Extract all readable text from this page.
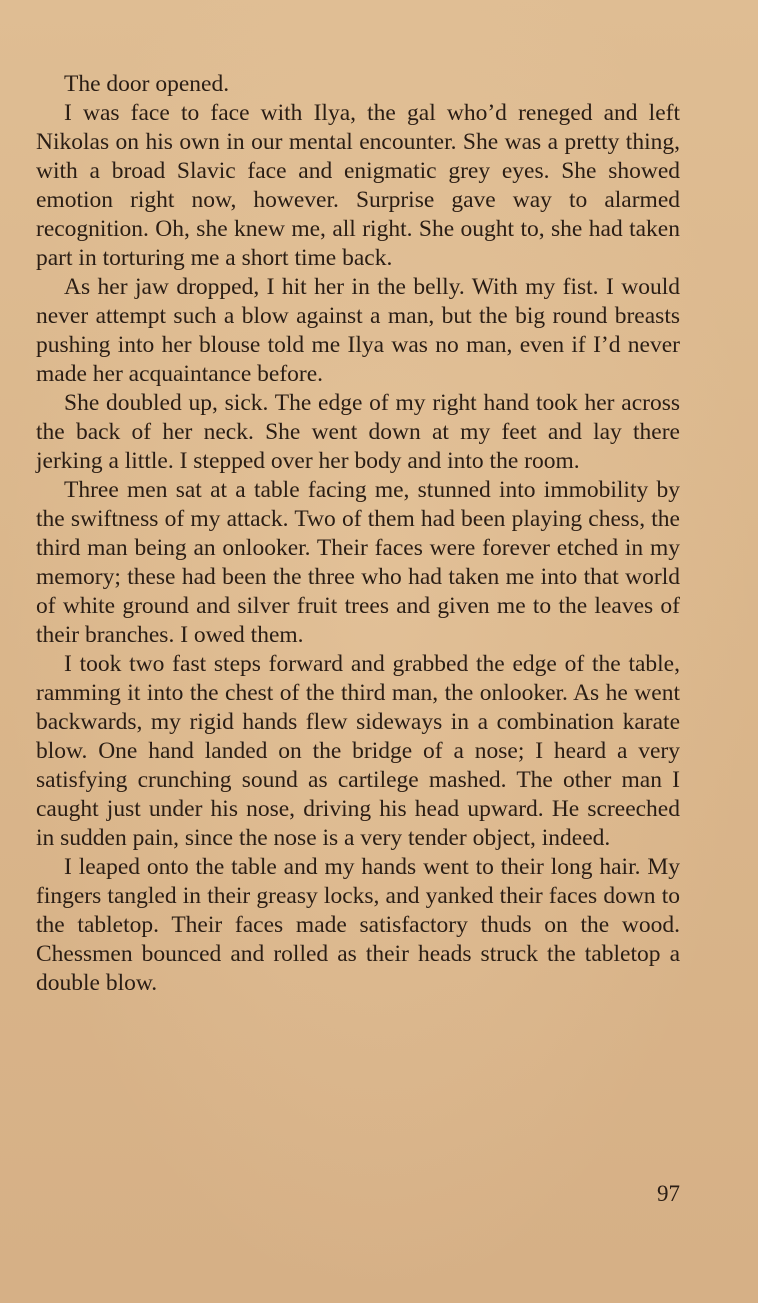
The door opened.

I was face to face with Ilya, the gal who’d reneged and left Nikolas on his own in our mental encounter. She was a pretty thing, with a broad Slavic face and enigmatic grey eyes. She showed emotion right now, however. Surprise gave way to alarmed recognition. Oh, she knew me, all right. She ought to, she had taken part in torturing me a short time back.

As her jaw dropped, I hit her in the belly. With my fist. I would never attempt such a blow against a man, but the big round breasts pushing into her blouse told me Ilya was no man, even if I’d never made her acquaintance before.

She doubled up, sick. The edge of my right hand took her across the back of her neck. She went down at my feet and lay there jerking a little. I stepped over her body and into the room.

Three men sat at a table facing me, stunned into immobility by the swiftness of my attack. Two of them had been playing chess, the third man being an onlooker. Their faces were forever etched in my memory; these had been the three who had taken me into that world of white ground and silver fruit trees and given me to the leaves of their branches. I owed them.

I took two fast steps forward and grabbed the edge of the table, ramming it into the chest of the third man, the onlooker. As he went backwards, my rigid hands flew sideways in a combination karate blow. One hand landed on the bridge of a nose; I heard a very satisfying crunching sound as cartilege mashed. The other man I caught just under his nose, driving his head upward. He screeched in sudden pain, since the nose is a very tender object, indeed.

I leaped onto the table and my hands went to their long hair. My fingers tangled in their greasy locks, and yanked their faces down to the tabletop. Their faces made satisfactory thuds on the wood. Chessmen bounced and rolled as their heads struck the tabletop a double blow.

97
